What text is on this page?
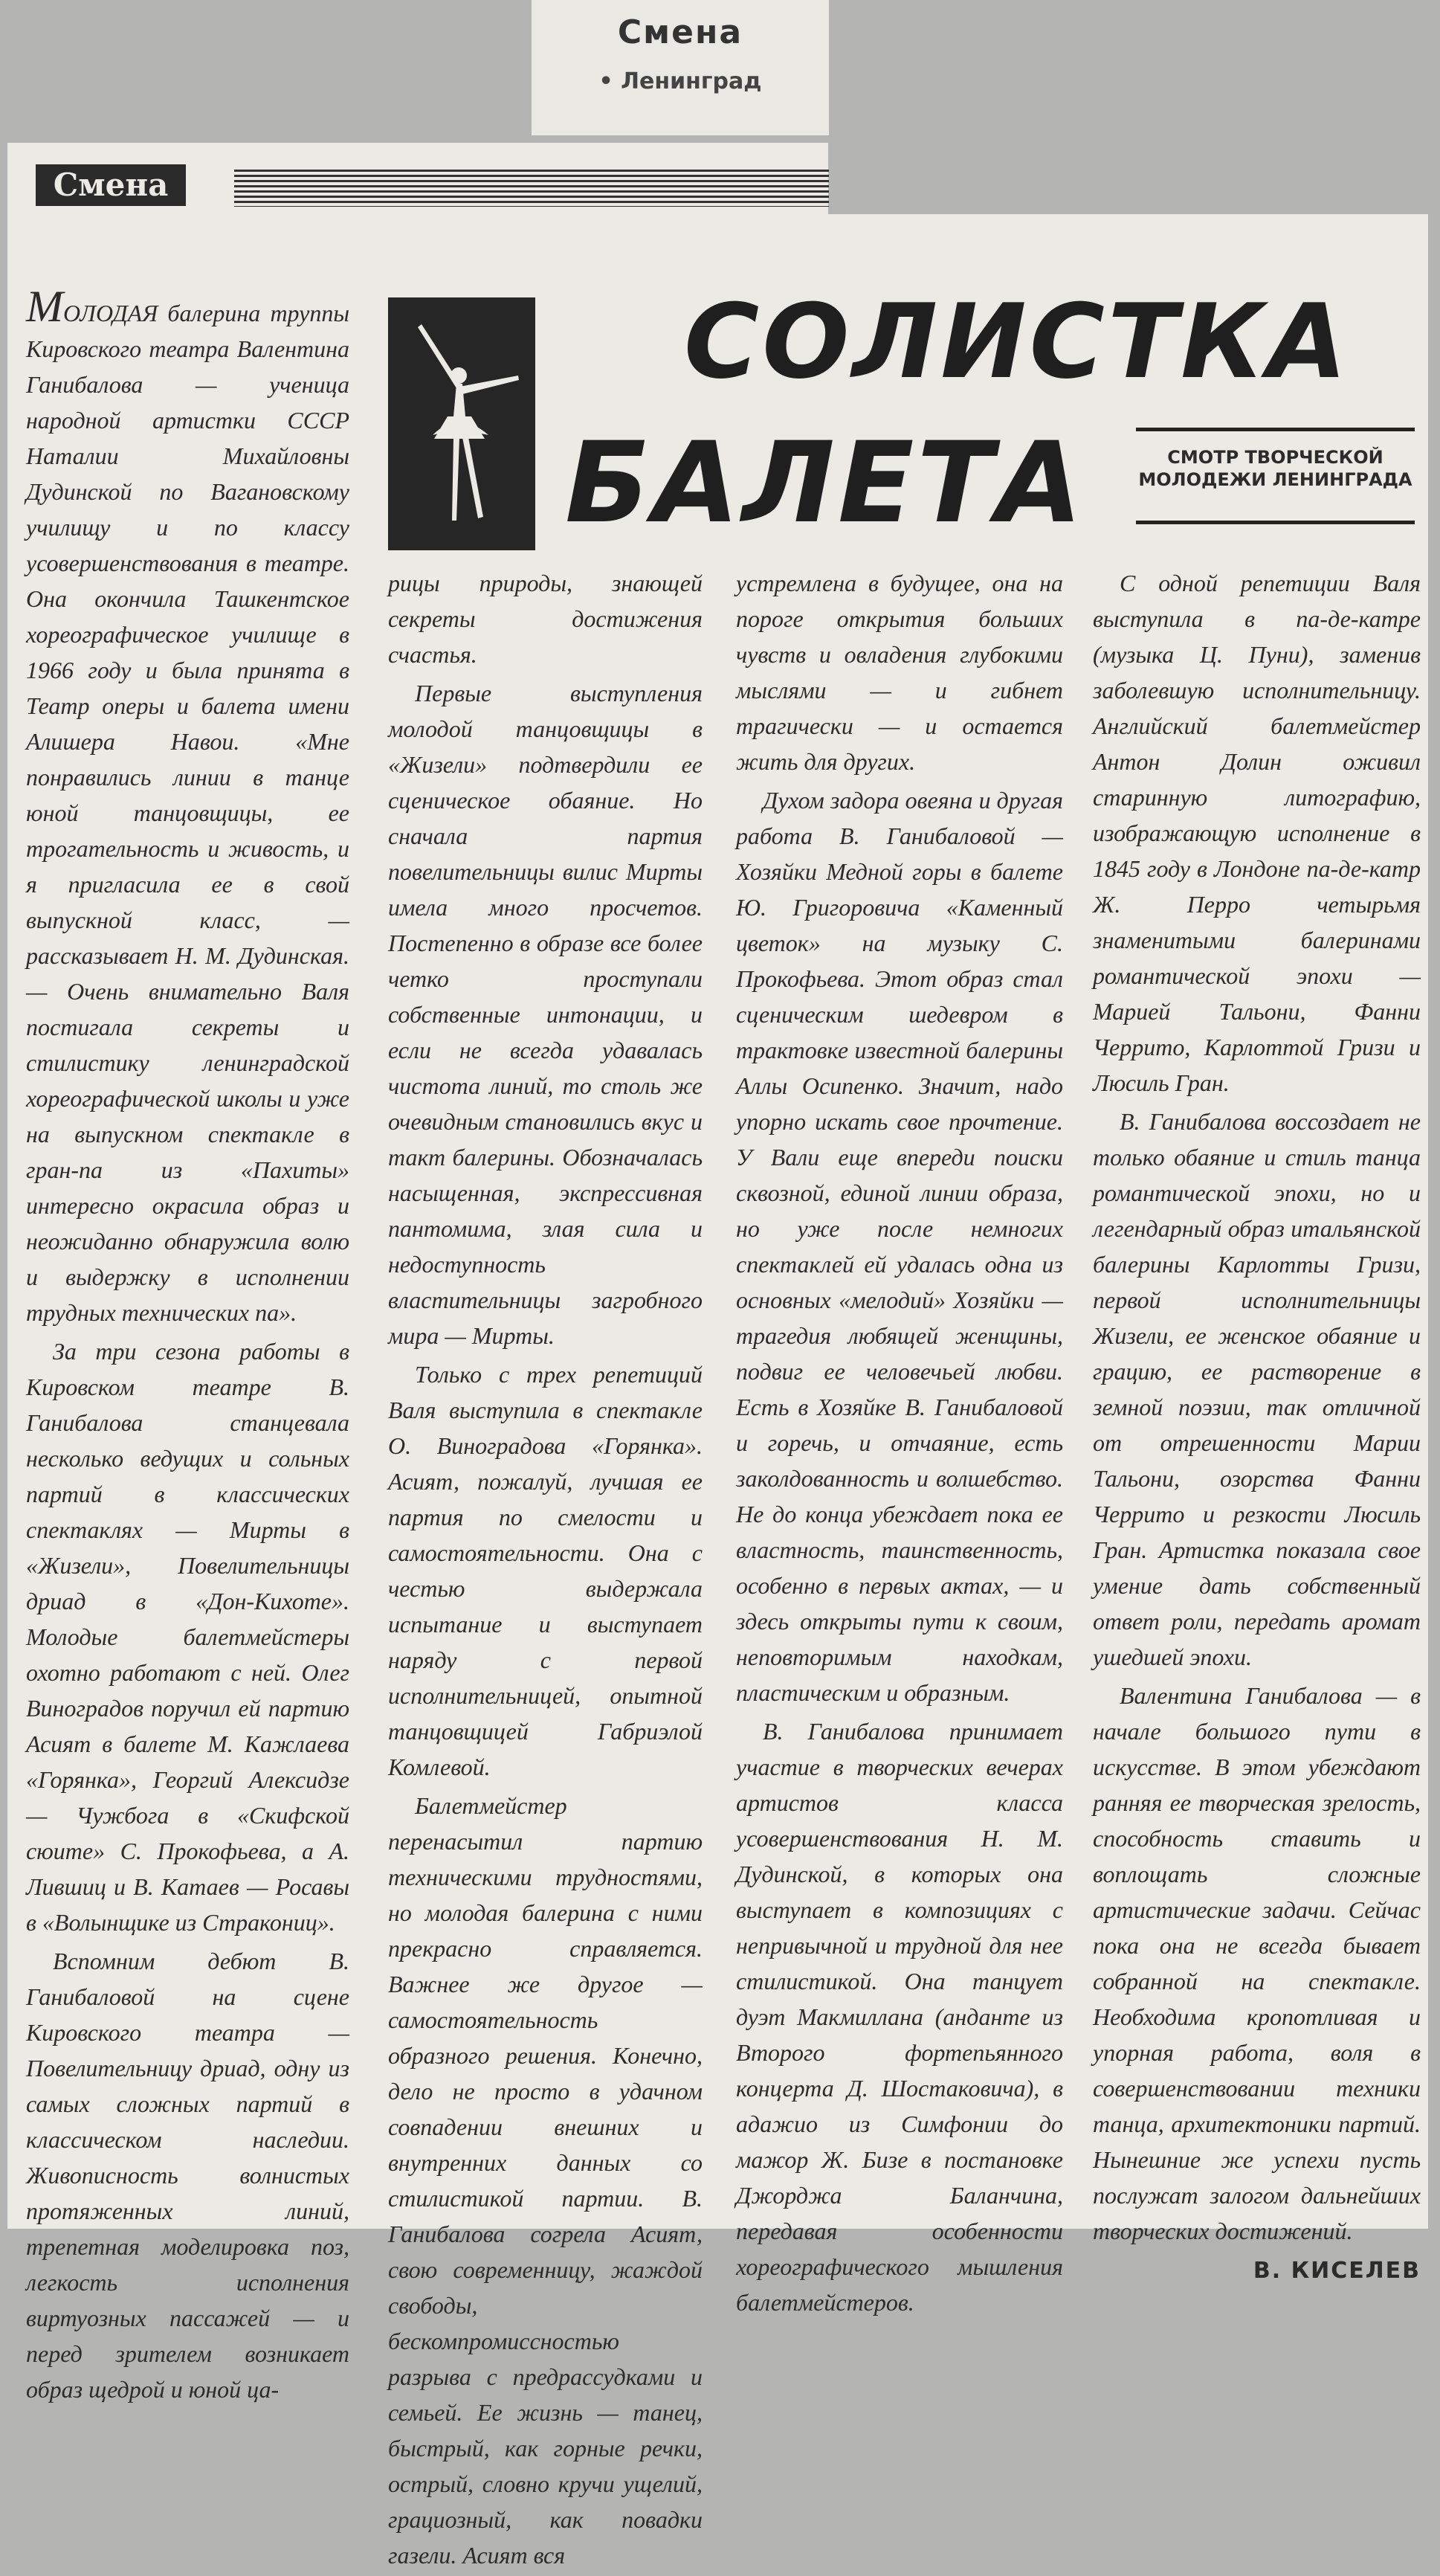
Смена
• Ленинград
Смена
СОЛИСТКА
БАЛЕТА	СМОТР ТВОРЧЕСКОЙ МОЛОДЕЖИ ЛЕНИНГРАДА

МОЛОДАЯ балерина труппы Кировского театра Валентина Ганибалова — ученица народной артистки СССР Наталии Михайловны Дудинской по Вагановскому училищу и по классу усовершенствования в театре. Она окончила Ташкентское хореографическое училище в 1966 году и была принята в Театр оперы и балета имени Алишера Навои. «Мне понравились линии в танце юной танцовщицы, ее трогательность и живость, и я пригласила ее в свой выпускной класс, — рассказывает Н. М. Дудинская. — Очень внимательно Валя постигала секреты и стилистику ленинградской хореографической школы и уже на выпускном спектакле в гран-па из «Пахиты» интересно окрасила образ и неожиданно обнаружила волю и выдержку в исполнении трудных технических па».

За три сезона работы в Кировском театре В. Ганибалова станцевала несколько ведущих и сольных партий в классических спектаклях — Мирты в «Жизели», Повелительницы дриад в «Дон-Кихоте». Молодые балетмейстеры охотно работают с ней. Олег Виноградов поручил ей партию Асият в балете М. Кажлаева «Горянка», Георгий Алексидзе — Чужбога в «Скифской сюите» С. Прокофьева, а А. Лившиц и В. Катаев — Росавы в «Волынщике из Стракониц».

Вспомним дебют В. Ганибаловой на сцене Кировского театра — Повелительницу дриад, одну из самых сложных партий в классическом наследии. Живописность волнистых протяженных линий, трепетная моделировка поз, легкость исполнения виртуозных пассажей — и перед зрителем возникает образ щедрой и юной ца-

рицы природы, знающей секреты достижения счастья.

Первые выступления молодой танцовщицы в «Жизели» подтвердили ее сценическое обаяние. Но сначала партия повелительницы вилис Мирты имела много просчетов. Постепенно в образе все более четко проступали собственные интонации, и если не всегда удавалась чистота линий, то столь же очевидным становились вкус и такт балерины. Обозначалась насыщенная, экспрессивная пантомима, злая сила и недоступность властительницы загробного мира — Мирты.

Только с трех репетиций Валя выступила в спектакле О. Виноградова «Горянка». Асият, пожалуй, лучшая ее партия по смелости и самостоятельности. Она с честью выдержала испытание и выступает наряду с первой исполнительницей, опытной танцовщицей Габриэлой Комлевой.

Балетмейстер перенасытил партию техническими трудностями, но молодая балерина с ними прекрасно справляется. Важнее же другое — самостоятельность образного решения. Конечно, дело не просто в удачном совпадении внешних и внутренних данных со стилистикой партии. В. Ганибалова согрела Асият, свою современницу, жаждой свободы, бескомпромиссностью разрыва с предрассудками и семьей. Ее жизнь — танец, быстрый, как горные речки, острый, словно кручи ущелий, грациозный, как повадки газели. Асият вся

устремлена в будущее, она на пороге открытия больших чувств и овладения глубокими мыслями — и гибнет трагически — и остается жить для других.

Духом задора овеяна и другая работа В. Ганибаловой — Хозяйки Медной горы в балете Ю. Григоровича «Каменный цветок» на музыку С. Прокофьева. Этот образ стал сценическим шедевром в трактовке известной балерины Аллы Осипенко. Значит, надо упорно искать свое прочтение. У Вали еще впереди поиски сквозной, единой линии образа, но уже после немногих спектаклей ей удалась одна из основных «мелодий» Хозяйки — трагедия любящей женщины, подвиг ее человечьей любви. Есть в Хозяйке В. Ганибаловой и горечь, и отчаяние, есть заколдованность и волшебство. Не до конца убеждает пока ее властность, таинственность, особенно в первых актах, — и здесь открыты пути к своим, неповторимым находкам, пластическим и образным.

В. Ганибалова принимает участие в творческих вечерах артистов класса усовершенствования Н. М. Дудинской, в которых она выступает в композициях с непривычной и трудной для нее стилистикой. Она танцует дуэт Макмиллана (анданте из Второго фортепьянного концерта Д. Шостаковича), в адажио из Симфонии до мажор Ж. Бизе в постановке Джорджа Баланчина, передавая особенности хореографического мышления балетмейстеров.

С одной репетиции Валя выступила в па-де-катре (музыка Ц. Пуни), заменив заболевшую исполнительницу. Английский балетмейстер Антон Долин оживил старинную литографию, изображающую исполнение в 1845 году в Лондоне па-де-катр Ж. Перро четырьмя знаменитыми балеринами романтической эпохи — Марией Тальони, Фанни Черрито, Карлоттой Гризи и Люсиль Гран.

В. Ганибалова воссоздает не только обаяние и стиль танца романтической эпохи, но и легендарный образ итальянской балерины Карлотты Гризи, первой исполнительницы Жизели, ее женское обаяние и грацию, ее растворение в земной поэзии, так отличной от отрешенности Марии Тальони, озорства Фанни Черрито и резкости Люсиль Гран. Артистка показала свое умение дать собственный ответ роли, передать аромат ушедшей эпохи.

Валентина Ганибалова — в начале большого пути в искусстве. В этом убеждают ранняя ее творческая зрелость, способность ставить и воплощать сложные артистические задачи. Сейчас пока она не всегда бывает собранной на спектакле. Необходима кропотливая и упорная работа, воля в совершенствовании техники танца, архитектоники партий. Нынешние же успехи пусть послужат залогом дальнейших творческих достижений.

В. КИСЕЛЕВ
